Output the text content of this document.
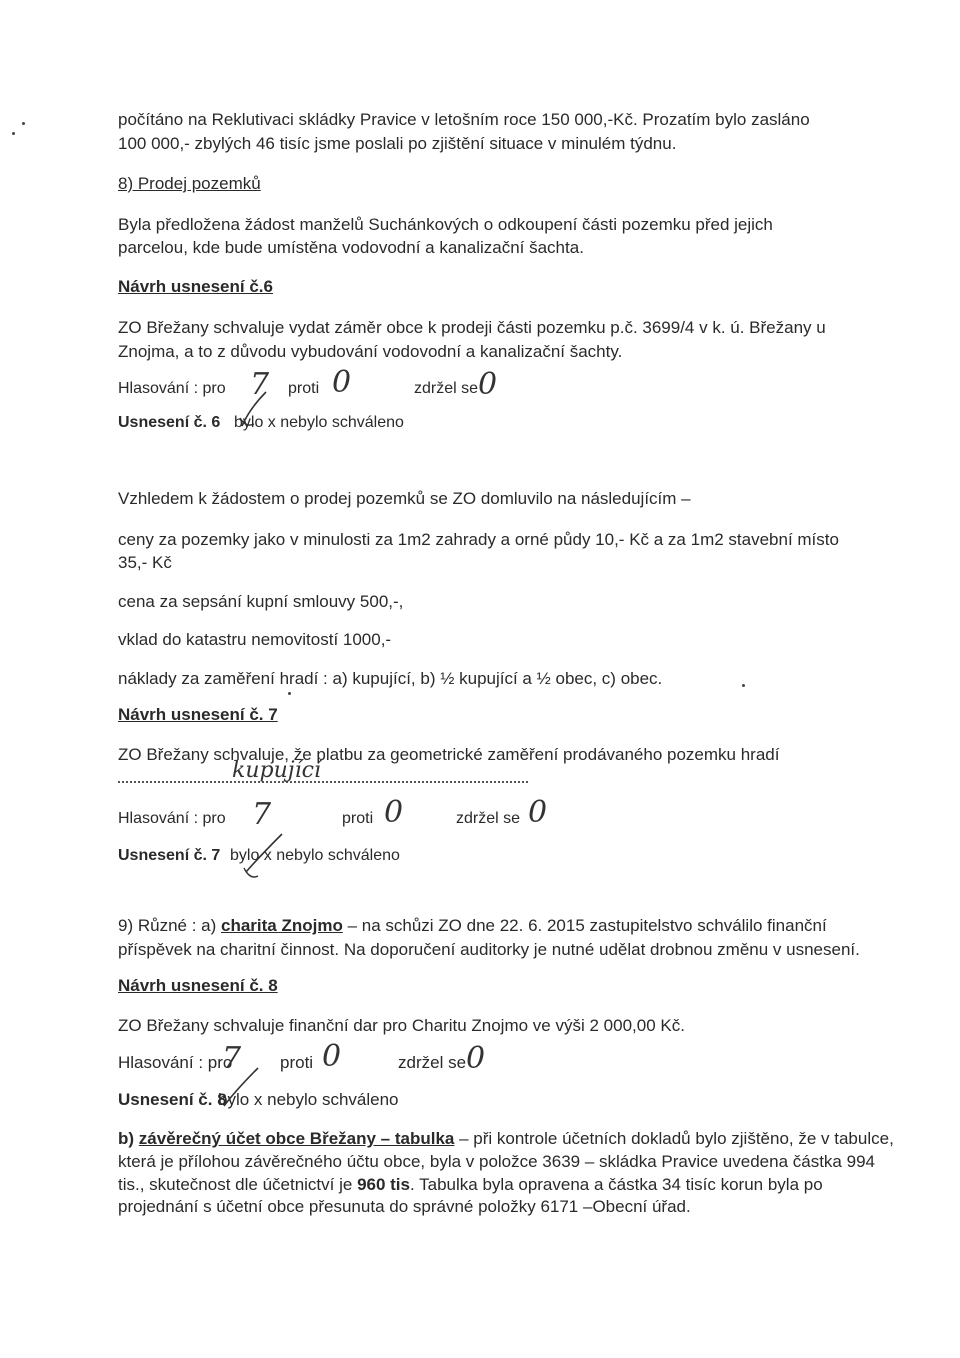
počítáno na Reklutivaci skládky Pravice v letošním roce 150 000,-Kč. Prozatím bylo zasláno
100 000,- zbylých 46 tisíc jsme poslali po zjištění situace v minulém týdnu.
8) Prodej pozemků
Byla předložena žádost manželů Suchánkových o odkoupení části pozemku před jejich
parcelou, kde bude umístěna vodovodní a kanalizační šachta.
Návrh usnesení č.6
ZO Břežany schvaluje vydat záměr obce k prodeji části pozemku p.č. 3699/4 v k. ú. Břežany u
Znojma, a to z důvodu vybudování vodovodní a kanalizační šachty.
Hlasování : pro 7 proti 0	zdržel se 0
Usnesení č. 6 bylo x nebylo schváleno
Vzhledem k žádostem o prodej pozemků se ZO domluvilo na následujícím –
ceny za pozemky jako v minulosti za 1m2 zahrady a orné půdy 10,- Kč a za 1m2 stavební místo
35,- Kč
cena za sepsání kupní smlouvy 500,-,
vklad do katastru nemovitostí 1000,-
náklady za zaměření hradí : a) kupující, b) ½ kupující a ½ obec, c) obec.
Návrh usnesení č. 7
ZO Břežany schvaluje, že platbu za geometrické zaměření prodávaného pozemku hradí
kupující
Hlasování : pro 7	proti 0	zdržel se 0
Usnesení č. 7 bylo x nebylo schváleno
9) Různé : a) charita Znojmo – na schůzi ZO dne 22. 6. 2015 zastupitelstvo schválilo finanční
příspěvek na charitní činnost. Na doporučení auditorky je nutné udělat drobnou změnu v usnesení.
Návrh usnesení č. 8
ZO Břežany schvaluje finanční dar pro Charitu Znojmo ve výši 2 000,00 Kč.
Hlasování : pro
7 proti 0	zdržel se 0
Usnesení č. 8
bylo x nebylo schváleno
b) závěrečný účet obce Břežany – tabulka – při kontrole účetních dokladů bylo zjištěno, že v tabulce,
která je přílohou závěrečného účtu obce, byla v položce 3639 – skládka Pravice uvedena částka 994
tis., skutečnost dle účetnictví je 960 tis. Tabulka byla opravena a částka 34 tisíc korun byla po
projednání s účetní obce přesunuta do správné položky 6171 –Obecní úřad.
